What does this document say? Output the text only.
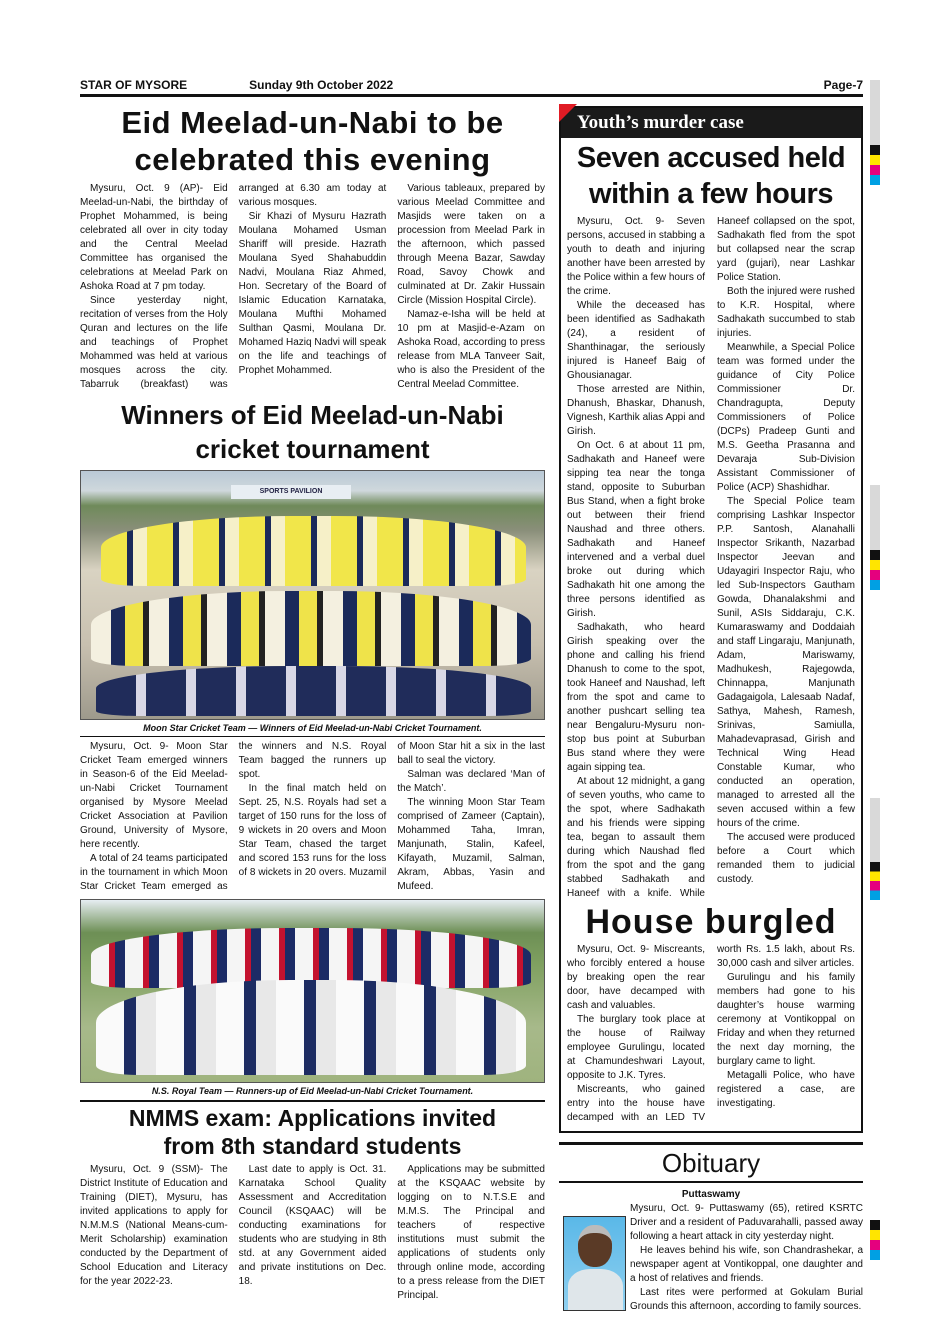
STAR OF MYSORE	Sunday 9th October 2022	Page-7
Eid Meelad-un-Nabi to be
celebrated this evening

Mysuru, Oct. 9 (AP)- Eid Meelad-un-Nabi, the birthday of Prophet Mohammed, is being celebrated all over in city today and the Central Meelad Committee has organised the celebrations at Meelad Park on Ashoka Road at 7 pm today.

Since yesterday night, recitation of verses from the Holy Quran and lectures on the life and teachings of Prophet Mohammed was held at various mosques across the city. Tabarruk (breakfast) was arranged at 6.30 am today at various mosques.

Sir Khazi of Mysuru Hazrath Moulana Mohamed Usman Shariff will preside. Hazrath Moulana Syed Shahabuddin Nadvi, Moulana Riaz Ahmed, Hon. Secretary of the Board of Islamic Education Karnataka, Moulana Mufthi Mohamed Sulthan Qasmi, Moulana Dr. Mohamed Haziq Nadvi will speak on the life and teachings of Prophet Mohammed.

Various tableaux, prepared by various Meelad Committee and Masjids were taken on a procession from Meelad Park in the afternoon, which passed through Meena Bazar, Sawday Road, Savoy Chowk and culminated at Dr. Zakir Hussain Circle (Mission Hospital Circle).

Namaz-e-Isha will be held at 10 pm at Masjid-e-Azam on Ashoka Road, according to press release from MLA Tanveer Sait, who is also the President of the Central Meelad Committee.

Winners of Eid Meelad-un-Nabi
cricket tournament
SPORTS PAVILION
Moon Star Cricket Team — Winners of Eid Meelad-un-Nabi Cricket Tournament.

Mysuru, Oct. 9- Moon Star Cricket Team emerged winners in Season-6 of the Eid Meelad-un-Nabi Cricket Tournament organised by Mysore Meelad Cricket Association at Pavilion Ground, University of Mysore, here recently.

A total of 24 teams participated in the tournament in which Moon Star Cricket Team emerged as the winners and N.S. Royal Team bagged the runners up spot.

In the final match held on Sept. 25, N.S. Royals had set a target of 150 runs for the loss of 9 wickets in 20 overs and Moon Star Team, chased the target and scored 153 runs for the loss of 8 wickets in 20 overs. Muzamil of Moon Star hit a six in the last ball to seal the victory.

Salman was declared ‘Man of the Match’.

The winning Moon Star Team comprised of Zameer (Captain), Mohammed Taha, Imran, Manjunath, Stalin, Kafeel, Kifayath, Muzamil, Salman, Akram, Abbas, Yasin and Mufeed.

N.S. Royal Team — Runners-up of Eid Meelad-un-Nabi Cricket Tournament.
NMMS exam: Applications invited
from 8th standard students

Mysuru, Oct. 9 (SSM)- The District Institute of Education and Training (DIET), Mysuru, has invited applications to apply for N.M.M.S (National Means-cum-Merit Scholarship) examination conducted by the Department of School Education and Literacy for the year 2022-23.

Last date to apply is Oct. 31. Karnataka School Quality Assessment and Accreditation Council (KSQAAC) will be conducting examinations for students who are studying in 8th std. at any Government aided and private institutions on Dec. 18.

Applications may be submitted at the KSQAAC website by logging on to N.T.S.E and M.M.S. The Principal and teachers of respective institutions must submit the applications of students only through online mode, according to a press release from the DIET Principal.

Youth’s murder case
Seven accused held
within a few hours

Mysuru, Oct. 9- Seven persons, accused in stabbing a youth to death and injuring another have been arrested by the Police within a few hours of the crime.

While the deceased has been identified as Sadhakath (24), a resident of Shanthinagar, the seriously injured is Haneef Baig of Ghousianagar.

Those arrested are Nithin, Dhanush, Bhaskar, Dhanush, Vignesh, Karthik alias Appi and Girish.

On Oct. 6 at about 11 pm, Sadhakath and Haneef were sipping tea near the tonga stand, opposite to Suburban Bus Stand, when a fight broke out between their friend Naushad and three others. Sadhakath and Haneef intervened and a verbal duel broke out during which Sadhakath hit one among the three persons identified as Girish.

Sadhakath, who heard Girish speaking over the phone and calling his friend Dhanush to come to the spot, took Haneef and Naushad, left from the spot and came to another pushcart selling tea near Bengaluru-Mysuru non-stop bus point at Suburban Bus stand where they were again sipping tea.

At about 12 midnight, a gang of seven youths, who came to the spot, where Sadhakath and his friends were sipping tea, began to assault them during which Naushad fled from the spot and the gang stabbed Sadhakath and Haneef with a knife. While Haneef collapsed on the spot, Sadhakath fled from the spot but collapsed near the scrap yard (gujari), near Lashkar Police Station.

Both the injured were rushed to K.R. Hospital, where Sadhakath succumbed to stab injuries.

Meanwhile, a Special Police team was formed under the guidance of City Police Commissioner Dr. Chandragupta, Deputy Commissioners of Police (DCPs) Pradeep Gunti and M.S. Geetha Prasanna and Devaraja Sub-Division Assistant Commissioner of Police (ACP) Shashidhar.

The Special Police team comprising Lashkar Inspector P.P. Santosh, Alanahalli Inspector Srikanth, Nazarbad Inspector Jeevan and Udayagiri Inspector Raju, who led Sub-Inspectors Gautham Gowda, Dhanalakshmi and Sunil, ASIs Siddaraju, C.K. Kumaraswamy and Doddaiah and staff Lingaraju, Manjunath, Adam, Mariswamy, Madhukesh, Rajegowda, Chinnappa, Manjunath Gadagaigola, Lalesaab Nadaf, Sathya, Mahesh, Ramesh, Srinivas, Samiulla, Mahadevaprasad, Girish and Technical Wing Head Constable Kumar, who conducted an operation, managed to arrested all the seven accused within a few hours of the crime.

The accused were produced before a Court which remanded them to judicial custody.

House burgled

Mysuru, Oct. 9- Miscreants, who forcibly entered a house by breaking open the rear door, have decamped with cash and valuables.

The burglary took place at the house of Railway employee Gurulingu, located at Chamundeshwari Layout, opposite to J.K. Tyres.

Miscreants, who gained entry into the house have decamped with an LED TV worth Rs. 1.5 lakh, about Rs. 30,000 cash and silver articles.

Gurulingu and his family members had gone to his daughter’s house warming ceremony at Vontikoppal on Friday and when they returned the next day morning, the burglary came to light.

Metagalli Police, who have registered a case, are investigating.

Obituary
Puttaswamy

Mysuru, Oct. 9- Puttaswamy (65), retired KSRTC Driver and a resident of Paduvarahalli, passed away following a heart attack in city yesterday night.

He leaves behind his wife, son Chandrashekar, a newspaper agent at Vontikoppal, one daughter and a host of relatives and friends.

Last rites were performed at Gokulam Burial Grounds this afternoon, according to family sources.
